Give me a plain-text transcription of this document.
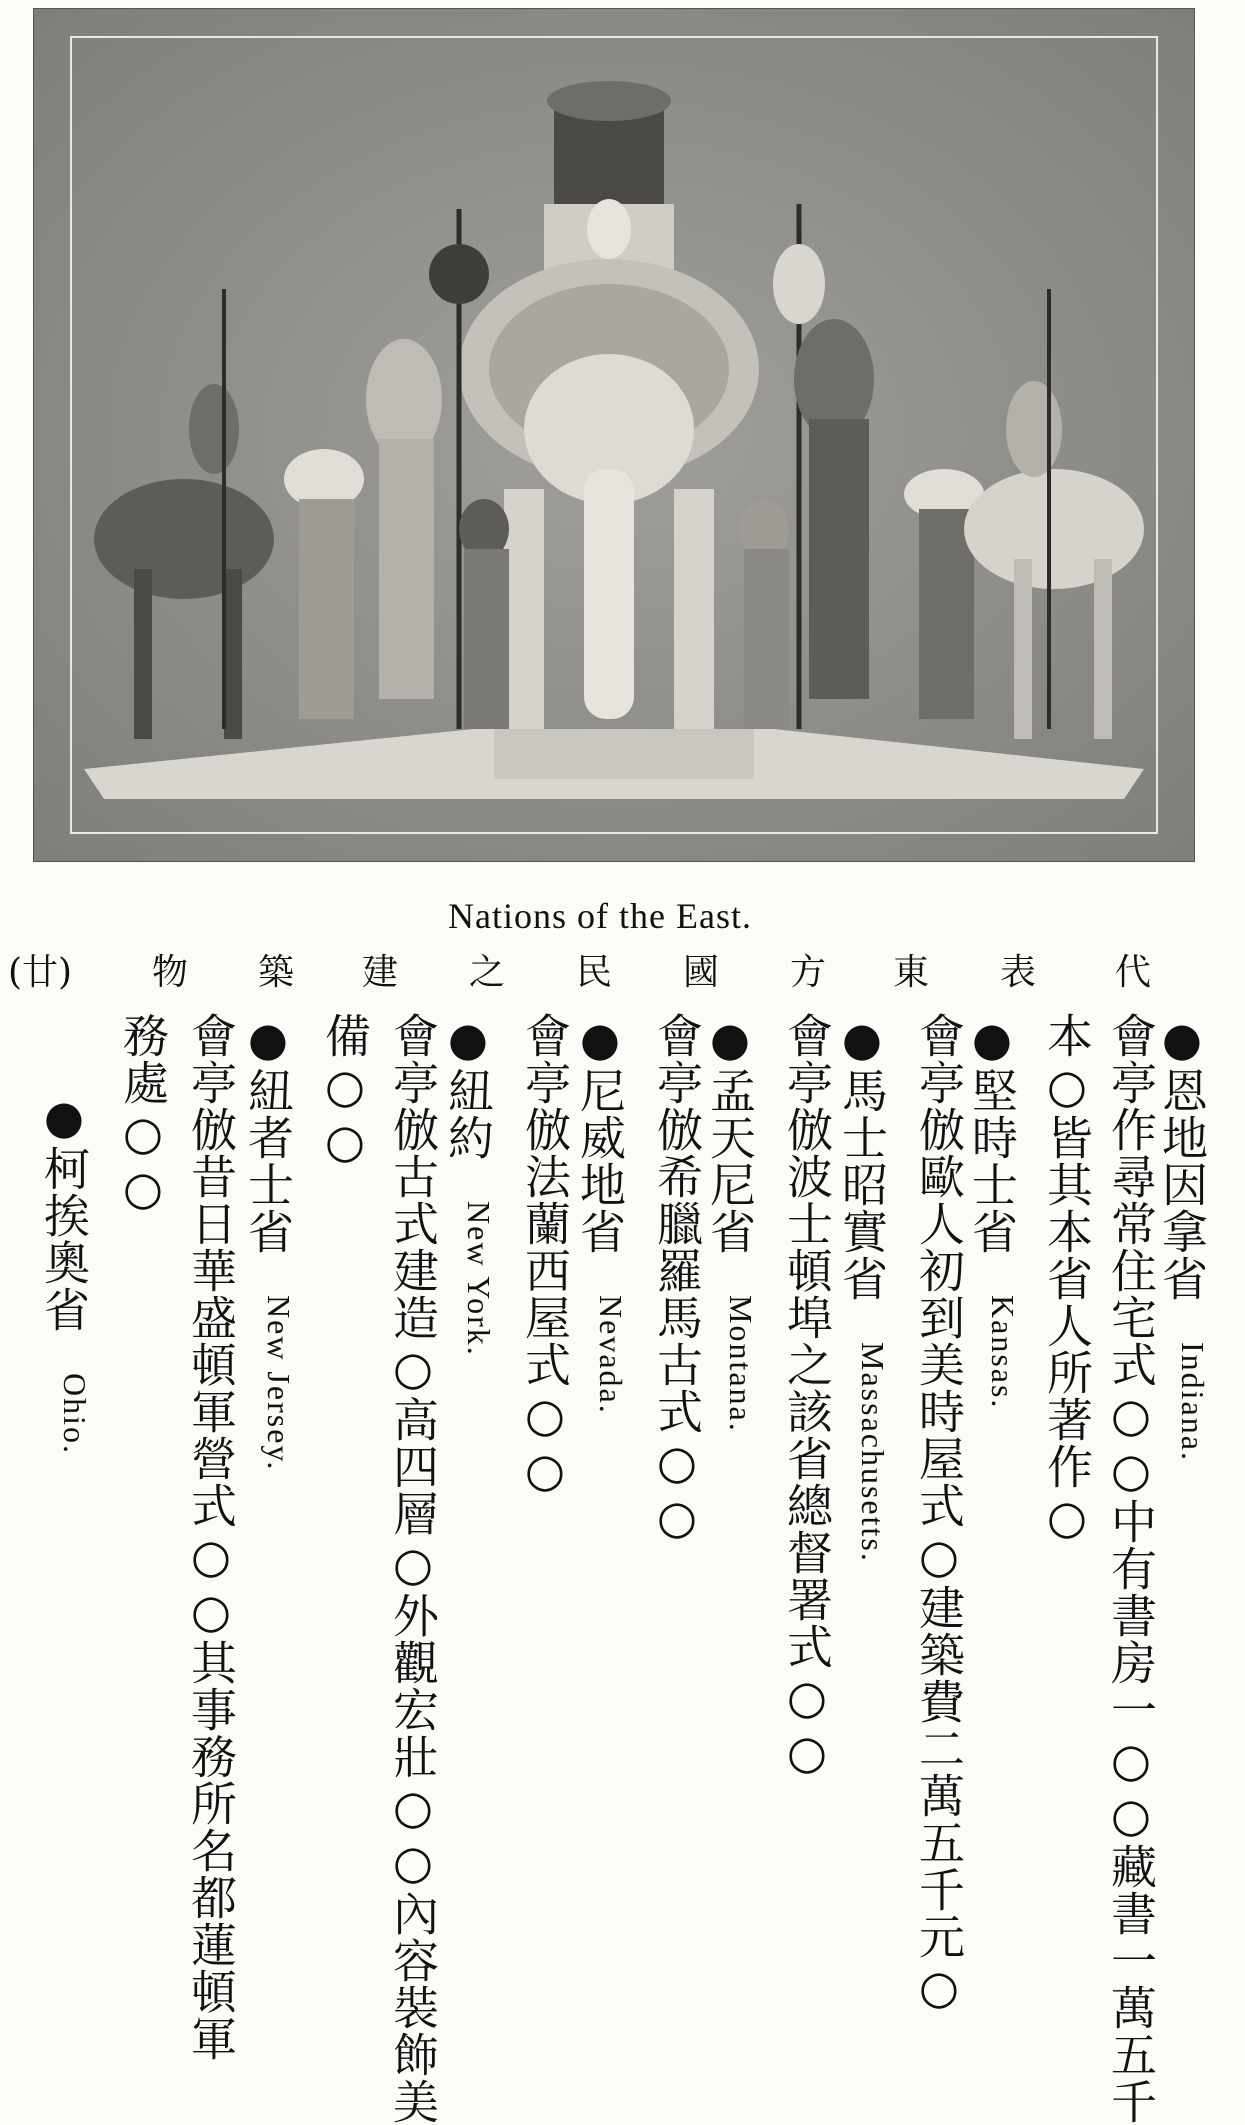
Nations of the East.
代
表
東
方
國
民
之
建
築
物
(廿)
●恩地因拿省Indiana.
會亭作尋常住宅式○○中有書房一○○藏書一萬五千
本○皆其本省人所著作○
●堅時士省Kansas.
會亭倣歐人初到美時屋式○建築費二萬五千元○
●馬士昭實省Massachusetts.
會亭倣波士頓埠之該省總督署式○○
●孟天尼省Montana.
會亭倣希臘羅馬古式○○
●尼威地省Nevada.
會亭倣法蘭西屋式○○
●紐約New York.
會亭倣古式建造○高四層○外觀宏壯○○內容裝飾美
備○○
●紐者士省New Jersey.
會亭倣昔日華盛頓軍營式○○其事務所名都蓮頓軍
務處○○
●柯挨奧省Ohio.
